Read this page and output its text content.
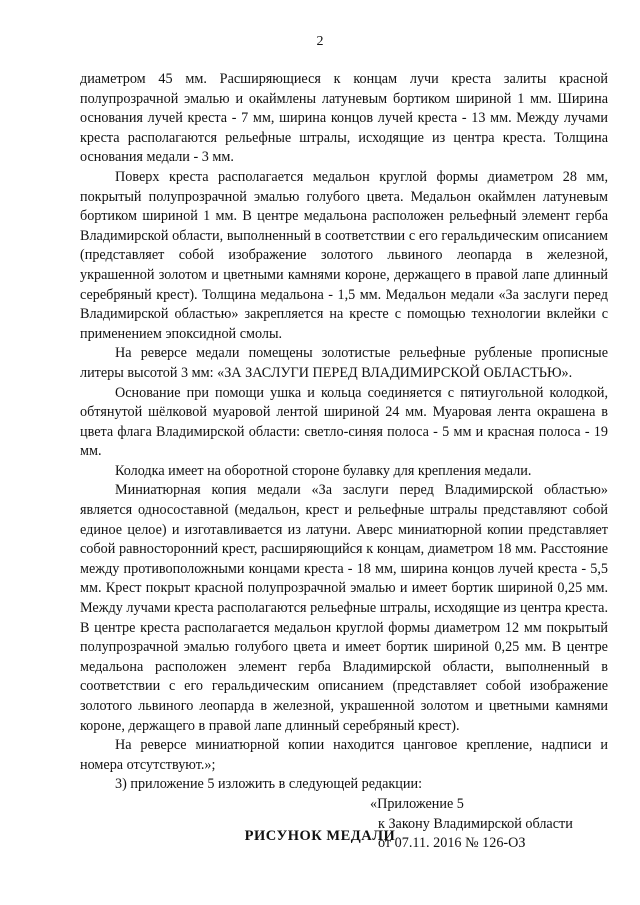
2

диаметром 45 мм. Расширяющиеся к концам лучи креста залиты красной полупрозрачной эмалью и окаймлены латуневым бортиком шириной 1 мм. Ширина основания лучей креста - 7 мм, ширина концов лучей креста - 13 мм. Между лучами креста располагаются рельефные штралы, исходящие из центра креста. Толщина основания медали - 3 мм.

Поверх креста располагается медальон круглой формы диаметром 28 мм, покрытый полупрозрачной эмалью голубого цвета. Медальон окаймлен латуневым бортиком шириной 1 мм. В центре медальона расположен рельефный элемент герба Владимирской области, выполненный в соответствии с его геральдическим описанием (представляет собой изображение золотого львиного леопарда в железной, украшенной золотом и цветными камнями короне, держащего в правой лапе длинный серебряный крест). Толщина медальона - 1,5 мм. Медальон медали «За заслуги перед Владимирской областью» закрепляется на кресте с помощью технологии вклейки с применением эпоксидной смолы.

На реверсе медали помещены золотистые рельефные рубленые прописные литеры высотой 3 мм: «ЗА ЗАСЛУГИ ПЕРЕД ВЛАДИМИРСКОЙ ОБЛАСТЬЮ».

Основание при помощи ушка и кольца соединяется с пятиугольной колодкой, обтянутой шёлковой муаровой лентой шириной 24 мм. Муаровая лента окрашена в цвета флага Владимирской области: светло-синяя полоса - 5 мм и красная полоса - 19 мм.

Колодка имеет на оборотной стороне булавку для крепления медали.

Миниатюрная копия медали «За заслуги перед Владимирской областью» является односоставной (медальон, крест и рельефные штралы представляют собой единое целое) и изготавливается из латуни. Аверс миниатюрной копии представляет собой равносторонний крест, расширяющийся к концам, диаметром 18 мм. Расстояние между противоположными концами креста - 18 мм, ширина концов лучей креста - 5,5 мм. Крест покрыт красной полупрозрачной эмалью и имеет бортик шириной 0,25 мм. Между лучами креста располагаются рельефные штралы, исходящие из центра креста. В центре креста располагается медальон круглой формы диаметром 12 мм покрытый полупрозрачной эмалью голубого цвета и имеет бортик шириной 0,25 мм. В центре медальона расположен элемент герба Владимирской области, выполненный в соответствии с его геральдическим описанием (представляет собой изображение золотого львиного леопарда в железной, украшенной золотом и цветными камнями короне, держащего в правой лапе длинный серебряный крест).

На реверсе миниатюрной копии находится цанговое крепление, надписи и номера отсутствуют.»;

3) приложение 5 изложить в следующей редакции:

«Приложение 5
к Закону Владимирской области
от 07.11. 2016 № 126-ОЗ

РИСУНОК МЕДАЛИ
